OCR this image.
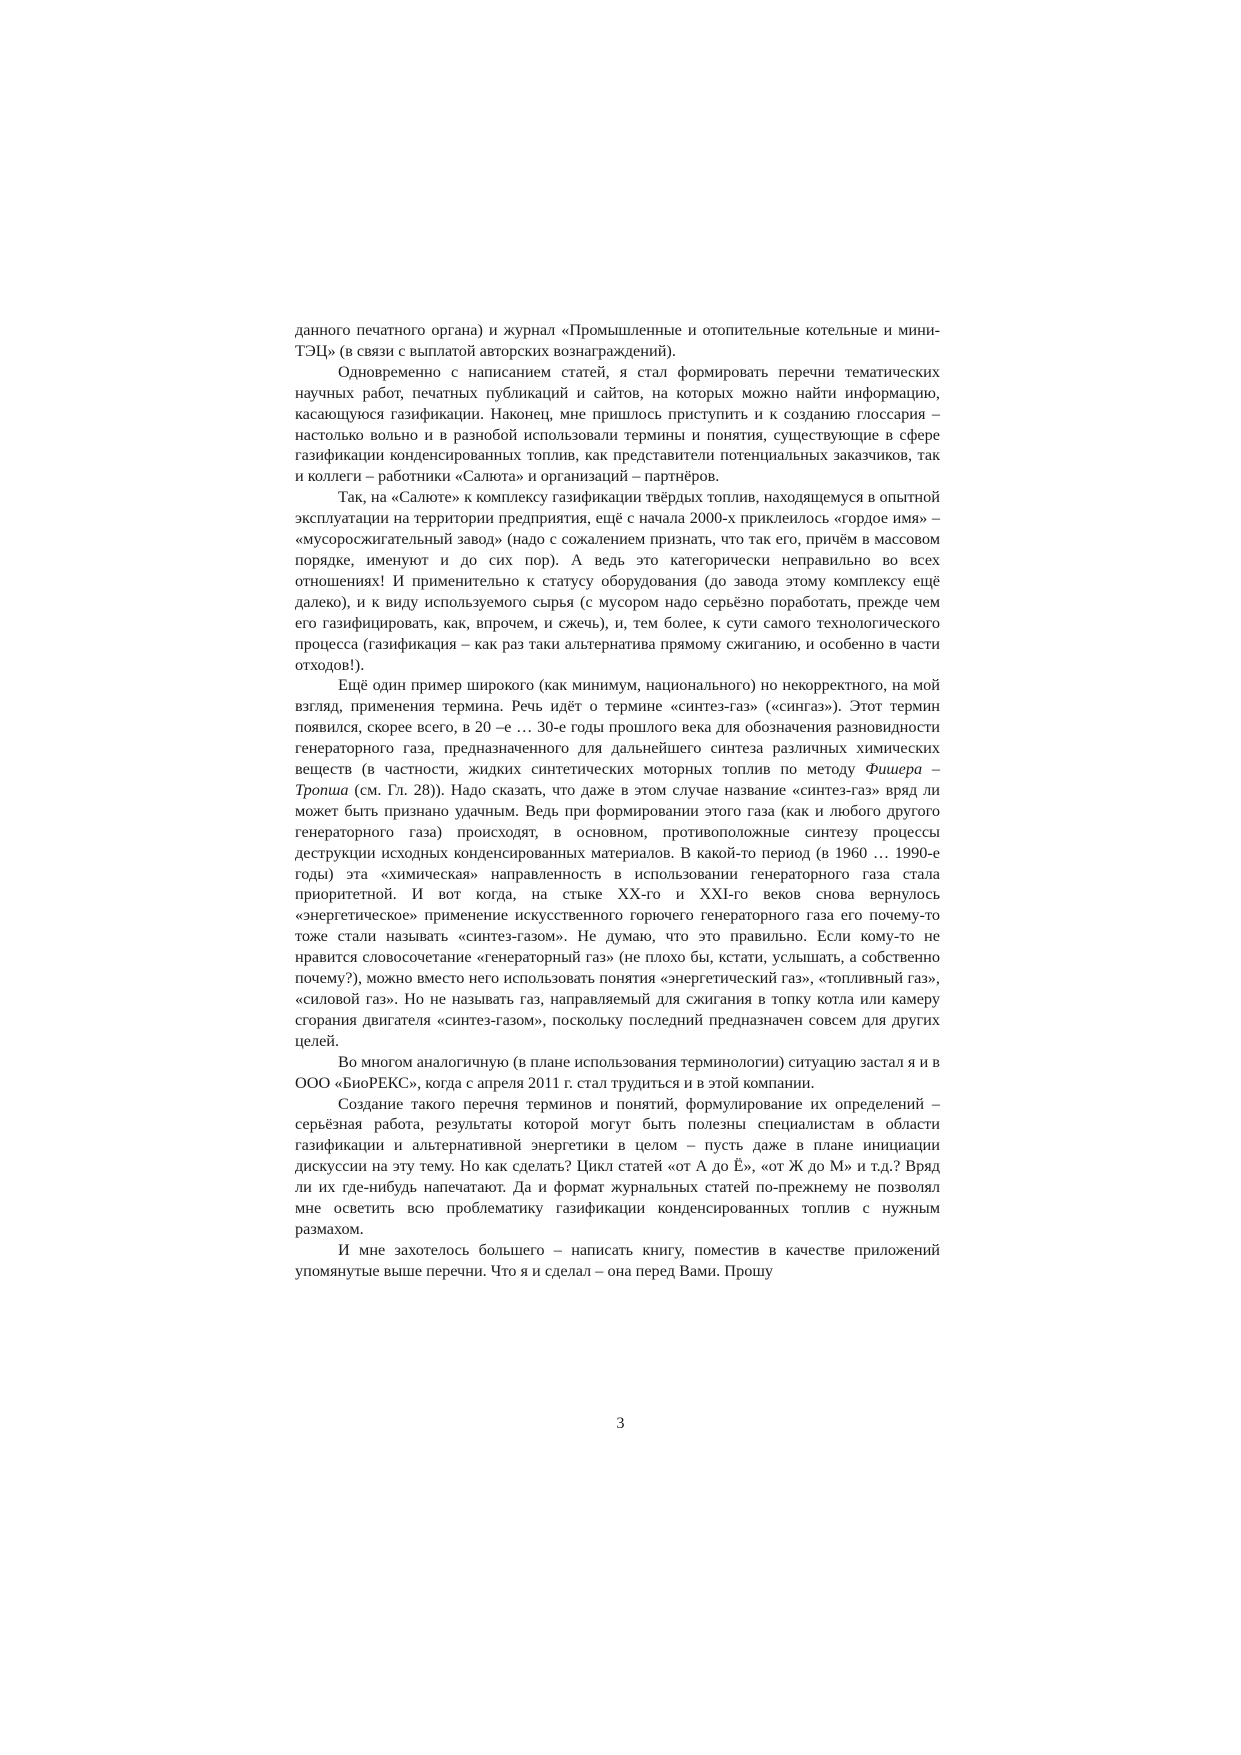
данного печатного органа) и журнал «Промышленные и отопительные котельные и мини-ТЭЦ» (в связи с выплатой авторских вознаграждений).

Одновременно с написанием статей, я стал формировать перечни тематических научных работ, печатных публикаций и сайтов, на которых можно найти информацию, касающуюся газификации. Наконец, мне пришлось приступить и к созданию глоссария – настолько вольно и в разнобой использовали термины и понятия, существующие в сфере газификации конденсированных топлив, как представители потенциальных заказчиков, так и коллеги – работники «Салюта» и организаций – партнёров.

Так, на «Салюте» к комплексу газификации твёрдых топлив, находящемуся в опытной эксплуатации на территории предприятия, ещё с начала 2000-х приклеилось «гордое имя» – «мусоросжигательный завод» (надо с сожалением признать, что так его, причём в массовом порядке, именуют и до сих пор). А ведь это категорически неправильно во всех отношениях! И применительно к статусу оборудования (до завода этому комплексу ещё далеко), и к виду используемого сырья (с мусором надо серьёзно поработать, прежде чем его газифицировать, как, впрочем, и сжечь), и, тем более, к сути самого технологического процесса (газификация – как раз таки альтернатива прямому сжиганию, и особенно в части отходов!).

Ещё один пример широкого (как минимум, национального) но некорректного, на мой взгляд, применения термина. Речь идёт о термине «синтез-газ» («сингаз»). Этот термин появился, скорее всего, в 20 –е … 30-е годы прошлого века для обозначения разновидности генераторного газа, предназначенного для дальнейшего синтеза различных химических веществ (в частности, жидких синтетических моторных топлив по методу Фишера – Тропша (см. Гл. 28)). Надо сказать, что даже в этом случае название «синтез-газ» вряд ли может быть признано удачным. Ведь при формировании этого газа (как и любого другого генераторного газа) происходят, в основном, противоположные синтезу процессы деструкции исходных конденсированных материалов. В какой-то период (в 1960 … 1990-е годы) эта «химическая» направленность в использовании генераторного газа стала приоритетной. И вот когда, на стыке XX-го и XXI-го веков снова вернулось «энергетическое» применение искусственного горючего генераторного газа его почему-то тоже стали называть «синтез-газом». Не думаю, что это правильно. Если кому-то не нравится словосочетание «генераторный газ» (не плохо бы, кстати, услышать, а собственно почему?), можно вместо него использовать понятия «энергетический газ», «топливный газ», «силовой газ». Но не называть газ, направляемый для сжигания в топку котла или камеру сгорания двигателя «синтез-газом», поскольку последний предназначен совсем для других целей.

Во многом аналогичную (в плане использования терминологии) ситуацию застал я и в ООО «БиоРЕКС», когда с апреля 2011 г. стал трудиться и в этой компании.

Создание такого перечня терминов и понятий, формулирование их определений – серьёзная работа, результаты которой могут быть полезны специалистам в области газификации и альтернативной энергетики в целом – пусть даже в плане инициации дискуссии на эту тему. Но как сделать? Цикл статей «от А до Ё», «от Ж до М» и т.д.? Вряд ли их где-нибудь напечатают. Да и формат журнальных статей по-прежнему не позволял мне осветить всю проблематику газификации конденсированных топлив с нужным размахом.

И мне захотелось большего – написать книгу, поместив в качестве приложений упомянутые выше перечни. Что я и сделал – она перед Вами. Прошу

3
